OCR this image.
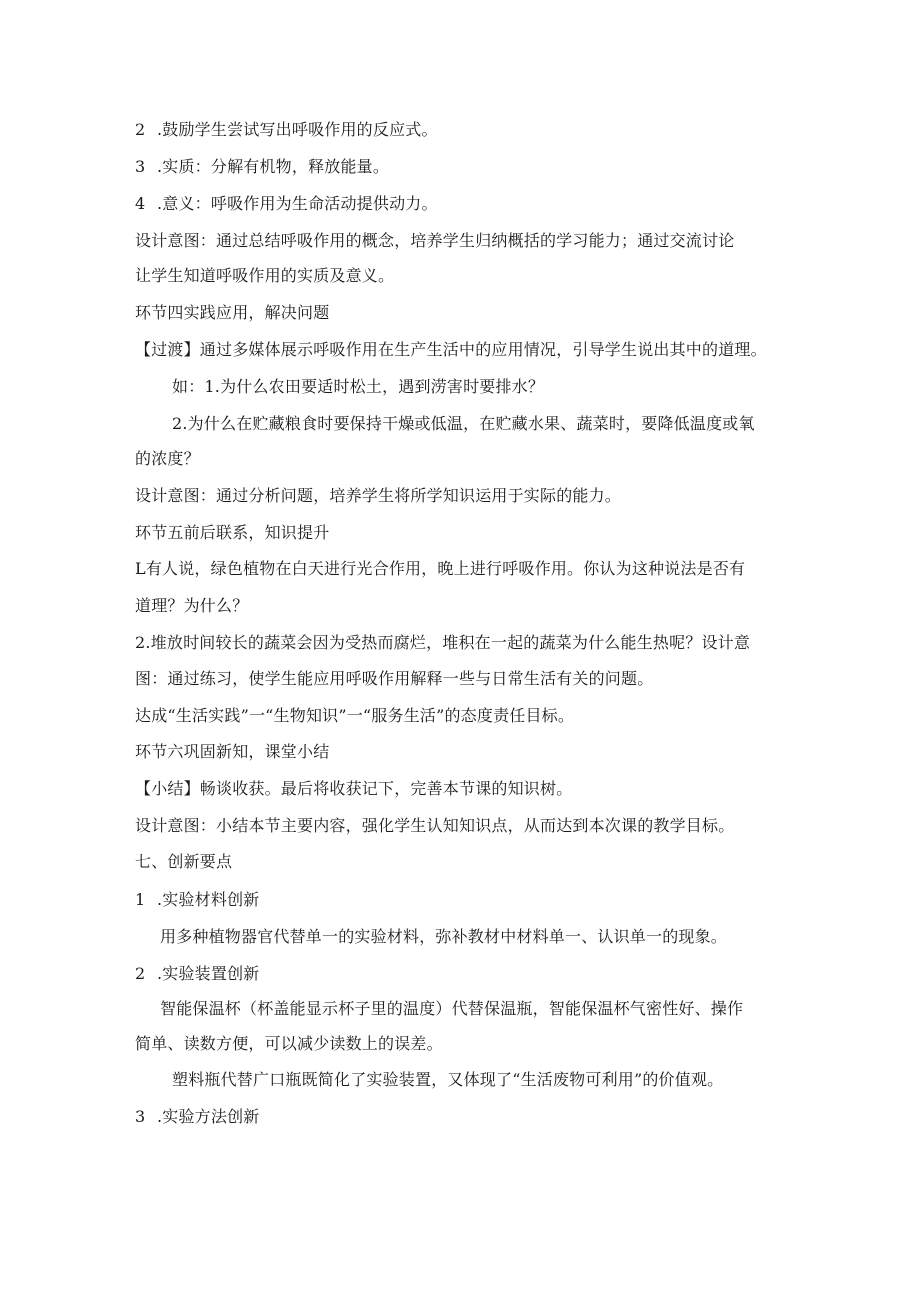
2 .鼓励学生尝试写出呼吸作用的反应式。
3 .实质：分解有机物，释放能量。
4 .意义：呼吸作用为生命活动提供动力。
设计意图：通过总结呼吸作用的概念，培养学生归纳概括的学习能力；通过交流讨论
让学生知道呼吸作用的实质及意义。
环节四实践应用，解决问题
【过渡】通过多媒体展示呼吸作用在生产生活中的应用情况，引导学生说出其中的道理。
如：1.为什么农田要适时松土，遇到涝害时要排水？
2.为什么在贮藏粮食时要保持干燥或低温，在贮藏水果、蔬菜时，要降低温度或氧
的浓度？
设计意图：通过分析问题，培养学生将所学知识运用于实际的能力。
环节五前后联系，知识提升
L有人说，绿色植物在白天进行光合作用，晚上进行呼吸作用。你认为这种说法是否有
道理？为什么？
2.堆放时间较长的蔬菜会因为受热而腐烂，堆积在一起的蔬菜为什么能生热呢？设计意
图：通过练习，使学生能应用呼吸作用解释一些与日常生活有关的问题。
达成“生活实践”一“生物知识”一“服务生活”的态度责任目标。
环节六巩固新知，课堂小结
【小结】畅谈收获。最后将收获记下，完善本节课的知识树。
设计意图：小结本节主要内容，强化学生认知知识点，从而达到本次课的教学目标。
七、创新要点
1 .实验材料创新
用多种植物器官代替单一的实验材料，弥补教材中材料单一、认识单一的现象。
2 .实验装置创新
智能保温杯（杯盖能显示杯子里的温度）代替保温瓶，智能保温杯气密性好、操作
简单、读数方便，可以减少读数上的误差。
塑料瓶代替广口瓶既简化了实验装置，又体现了“生活废物可利用”的价值观。
3 .实验方法创新
